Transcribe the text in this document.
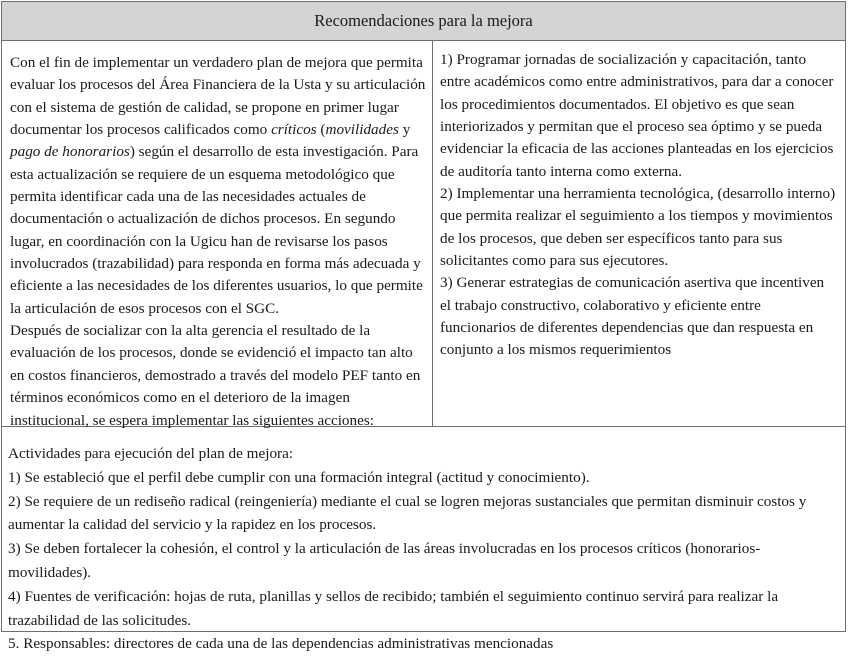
Recomendaciones para la mejora

Con el fin de implementar un verdadero plan de mejora que permita evaluar los procesos del Área Financiera de la Usta y su articulación con el sistema de gestión de calidad, se propone en primer lugar documentar los procesos calificados como críticos (movilidades y pago de honorarios) según el desarrollo de esta investigación. Para esta actualización se requiere de un esquema metodológico que permita identificar cada una de las necesidades actuales de documentación o actualización de dichos procesos. En segundo lugar, en coordinación con la Ugicu han de revisarse los pasos involucrados (trazabilidad) para responda en forma más adecuada y eficiente a las necesidades de los diferentes usuarios, lo que permite la articulación de esos procesos con el SGC.

Después de socializar con la alta gerencia el resultado de la evaluación de los procesos, donde se evidenció el impacto tan alto en costos financieros, demostrado a través del modelo PEF tanto en términos económicos como en el deterioro de la imagen institucional, se espera implementar las siguientes acciones:

1) Programar jornadas de socialización y capacitación, tanto entre académicos como entre administrativos, para dar a conocer los procedimientos documentados. El objetivo es que sean interiorizados y permitan que el proceso sea óptimo y se pueda evidenciar la eficacia de las acciones planteadas en los ejercicios de auditoría tanto interna como externa.

2) Implementar una herramienta tecnológica, (desarrollo interno) que permita realizar el seguimiento a los tiempos y movimientos de los procesos, que deben ser específicos tanto para sus solicitantes como para sus ejecutores.

3) Generar estrategias de comunicación asertiva que incentiven el trabajo constructivo, colaborativo y eficiente entre funcionarios de diferentes dependencias que dan respuesta en conjunto a los mismos requerimientos

Actividades para ejecución del plan de mejora:

1) Se estableció que el perfil debe cumplir con una formación integral (actitud y conocimiento).

2) Se requiere de un rediseño radical (reingeniería) mediante el cual se logren mejoras sustanciales que permitan disminuir costos y aumentar la calidad del servicio y la rapidez en los procesos.

3) Se deben fortalecer la cohesión, el control y la articulación de las áreas involucradas en los procesos críticos (honorarios-movilidades).

4) Fuentes de verificación: hojas de ruta, planillas y sellos de recibido; también el seguimiento continuo servirá para realizar la trazabilidad de las solicitudes.

5. Responsables: directores de cada una de las dependencias administrativas mencionadas
